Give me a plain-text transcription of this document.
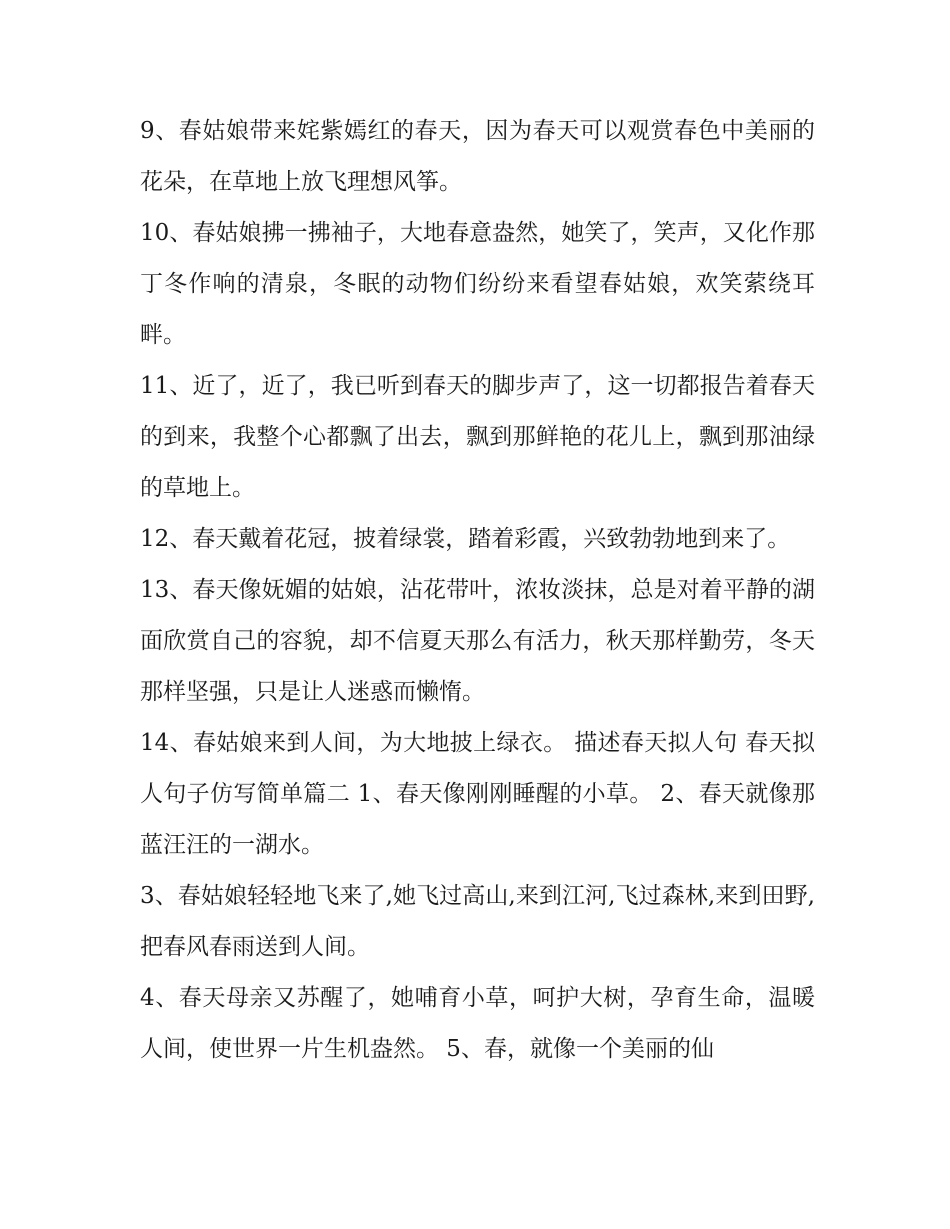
9、春姑娘带来姹紫嫣红的春天，因为春天可以观赏春色中美丽的花朵，在草地上放飞理想风筝。

10、春姑娘拂一拂袖子，大地春意盎然，她笑了，笑声，又化作那丁冬作响的清泉，冬眠的动物们纷纷来看望春姑娘，欢笑萦绕耳畔。

11、近了，近了，我已听到春天的脚步声了，这一切都报告着春天的到来，我整个心都飘了出去，飘到那鲜艳的花儿上，飘到那油绿的草地上。

12、春天戴着花冠，披着绿裳，踏着彩霞，兴致勃勃地到来了。

13、春天像妩媚的姑娘，沾花带叶，浓妆淡抹，总是对着平静的湖面欣赏自己的容貌，却不信夏天那么有活力，秋天那样勤劳，冬天那样坚强，只是让人迷惑而懒惰。

14、春姑娘来到人间，为大地披上绿衣。 描述春天拟人句 春天拟人句子仿写简单篇二 1、春天像刚刚睡醒的小草。 2、春天就像那蓝汪汪的一湖水。

3、春姑娘轻轻地飞来了,她飞过高山,来到江河,飞过森林,来到田野,把春风春雨送到人间。

4、春天母亲又苏醒了，她哺育小草，呵护大树，孕育生命，温暖人间，使世界一片生机盎然。 5、春，就像一个美丽的仙
